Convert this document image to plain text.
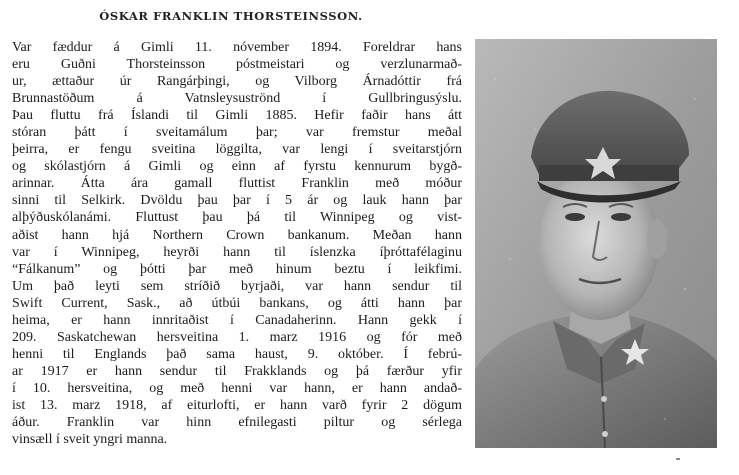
ÓSKAR FRANKLIN THORSTEINSSON.
Var fæddur á Gimli 11. nóvember 1894. Foreldrar hans
eru Guðni Thorsteinsson póstmeistari og verzlunarmað-
ur, ættaður úr Rangárþingi, og Vilborg Árnadóttir frá
Brunnastöðum á Vatnsleysuströnd í Gullbringusýslu.
Þau fluttu frá Íslandi til Gimli 1885. Hefir faðir hans átt
stóran þátt í sveitamálum þar; var fremstur meðal
þeirra, er fengu sveitina löggilta, var lengi í sveitarstjórn
og skólastjórn á Gimli og einn af fyrstu kennurum bygð-
arinnar. Átta ára gamall fluttist Franklin með móður
sinni til Selkirk. Dvöldu þau þar í 5 ár og lauk hann þar
alþýðuskólanámi. Fluttust þau þá til Winnipeg og vist-
aðist hann hjá Northern Crown bankanum. Meðan hann
var í Winnipeg, heyrði hann til íslenzka íþróttafélaginu
“Fálkanum” og þótti þar með hinum beztu í leikfimi.
Um það leyti sem stríðið byrjaði, var hann sendur til
Swift Current, Sask., að útbúi bankans, og átti hann þar
heima, er hann innritaðist í Canadaherinn. Hann gekk í
209. Saskatchewan hersveitina 1. marz 1916 og fór með
henni til Englands það sama haust, 9. október. Í febrú-
ar 1917 er hann sendur til Frakklands og þá færður yfir
í 10. hersveitina, og með henni var hann, er hann andað-
ist 13. marz 1918, af eiturlofti, er hann varð fyrir 2 dögum
áður. Franklin var hinn efnilegasti piltur og sérlega
vinsæll í sveit yngri manna.
